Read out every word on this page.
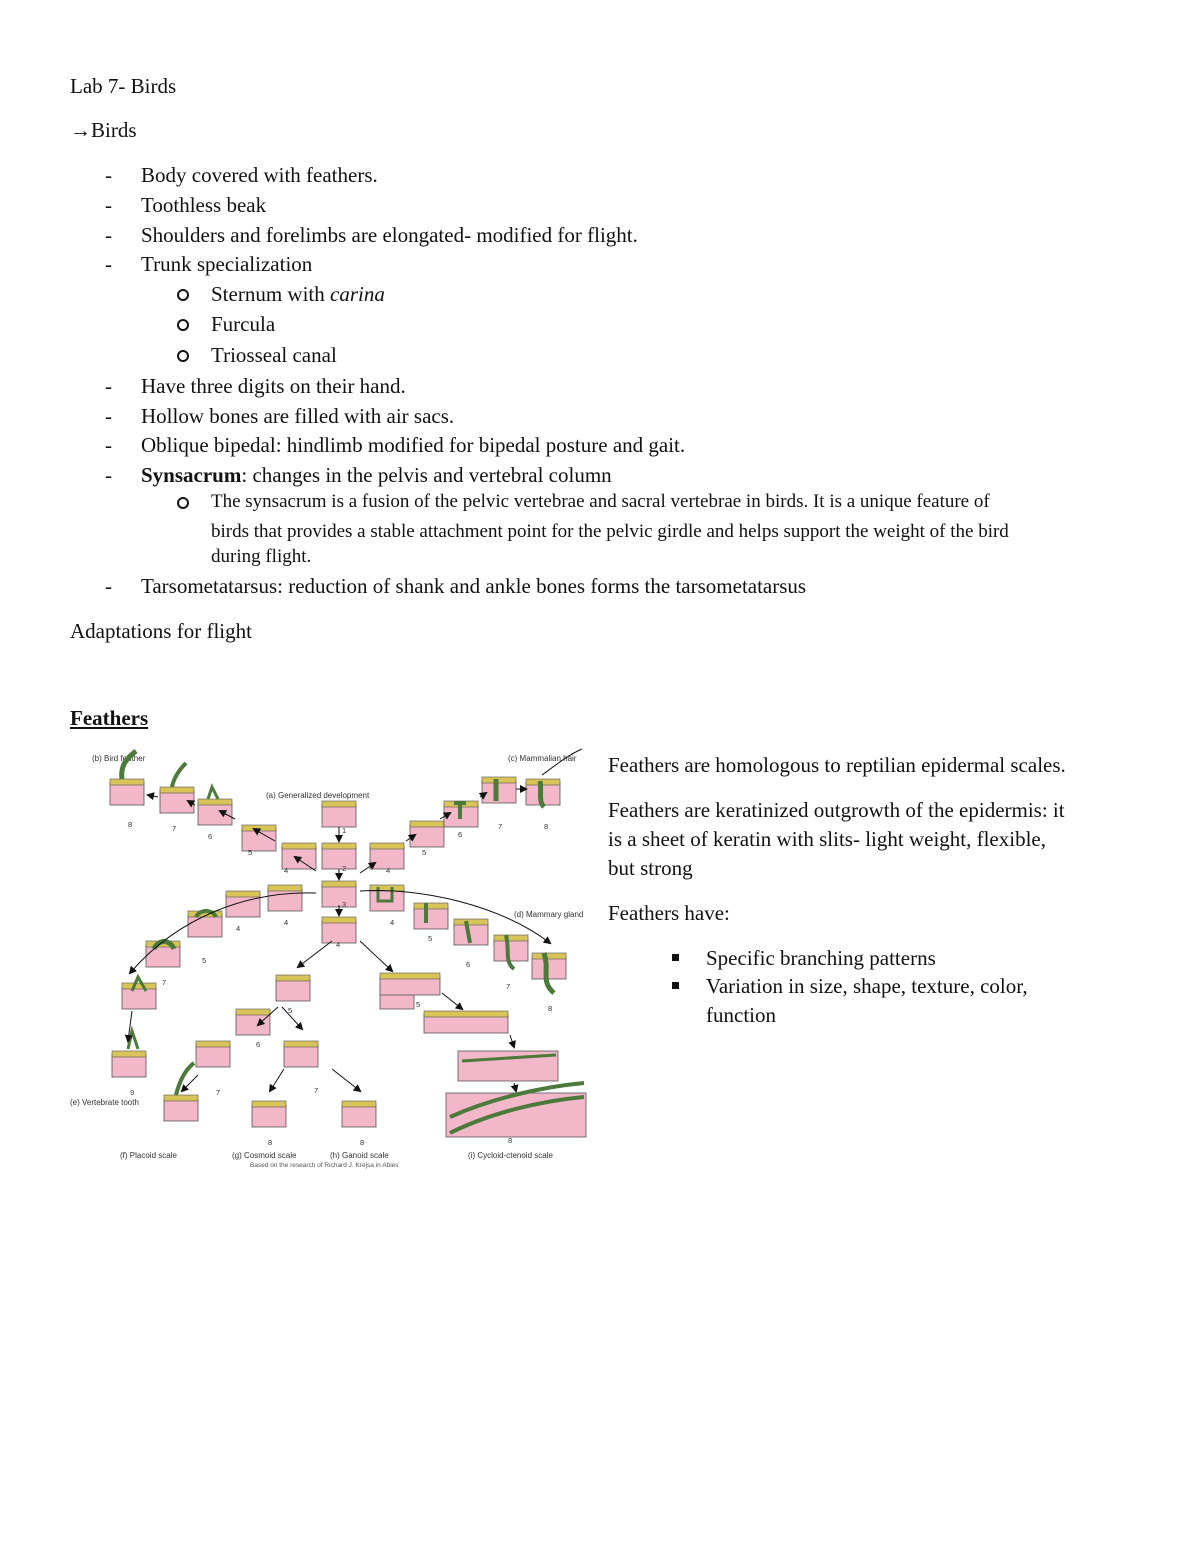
Lab 7- Birds
→Birds
- Body covered with feathers.
- Toothless beak
- Shoulders and forelimbs are elongated- modified for flight.
- Trunk specialization
Sternum with carina
Furcula
Triosseal canal
- Have three digits on their hand.
- Hollow bones are filled with air sacs.
- Oblique bipedal: hindlimb modified for bipedal posture and gait.
- Synsacrum: changes in the pelvis and vertebral column
The synsacrum is a fusion of the pelvic vertebrae and sacral vertebrae in birds. It is a unique feature of
birds that provides a stable attachment point for the pelvic girdle and helps support the weight of the bird
during flight.
- Tarsometatarsus: reduction of shank and ankle bones forms the tarsometatarsus
Adaptations for flight
Feathers
(b) Bird feather
(a) Generalized development
(c) Mammalian hair
(d) Mammary gland
(e) Vertebrate tooth
(f) Placoid scale	(g) Cosmoid scale	(h) Ganoid scale	(i) Cycloid-ctenoid scale
Based on the research of Richard J. Krejsa in Abies
8	7
6
5
4
1
2
3
4
4
5
6
7	8
4
4
5
7
9
4
5
6
7
8
5
6
7	7
8	8
5
8
Feathers are homologous to reptilian epidermal scales.
Feathers are keratinized outgrowth of the epidermis: it
is a sheet of keratin with slits- light weight, flexible,
but strong
Feathers have:
Specific branching patterns
Variation in size, shape, texture, color,
function
